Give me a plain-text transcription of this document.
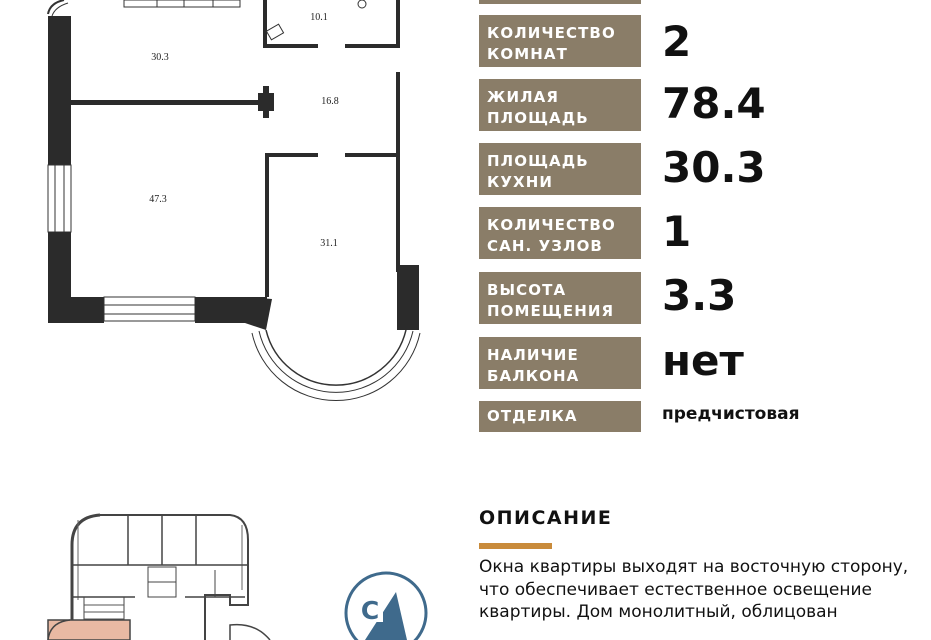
10.1
30.3
16.8
47.3
31.1
С
КОЛИЧЕСТВО
КОМНАТ	2
ЖИЛАЯ
ПЛОЩАДЬ	78.4
ПЛОЩАДЬ
КУХНИ	30.3
КОЛИЧЕСТВО
САН. УЗЛОВ	1
ВЫСОТА
ПОМЕЩЕНИЯ	3.3
НАЛИЧИЕ
БАЛКОНА	нет
ОТДЕЛКА	предчистовая
ОПИСАНИЕ
Окна квартиры выходят на восточную сторону, что обеспечивает естественное освещение квартиры. Дом монолитный, облицован
